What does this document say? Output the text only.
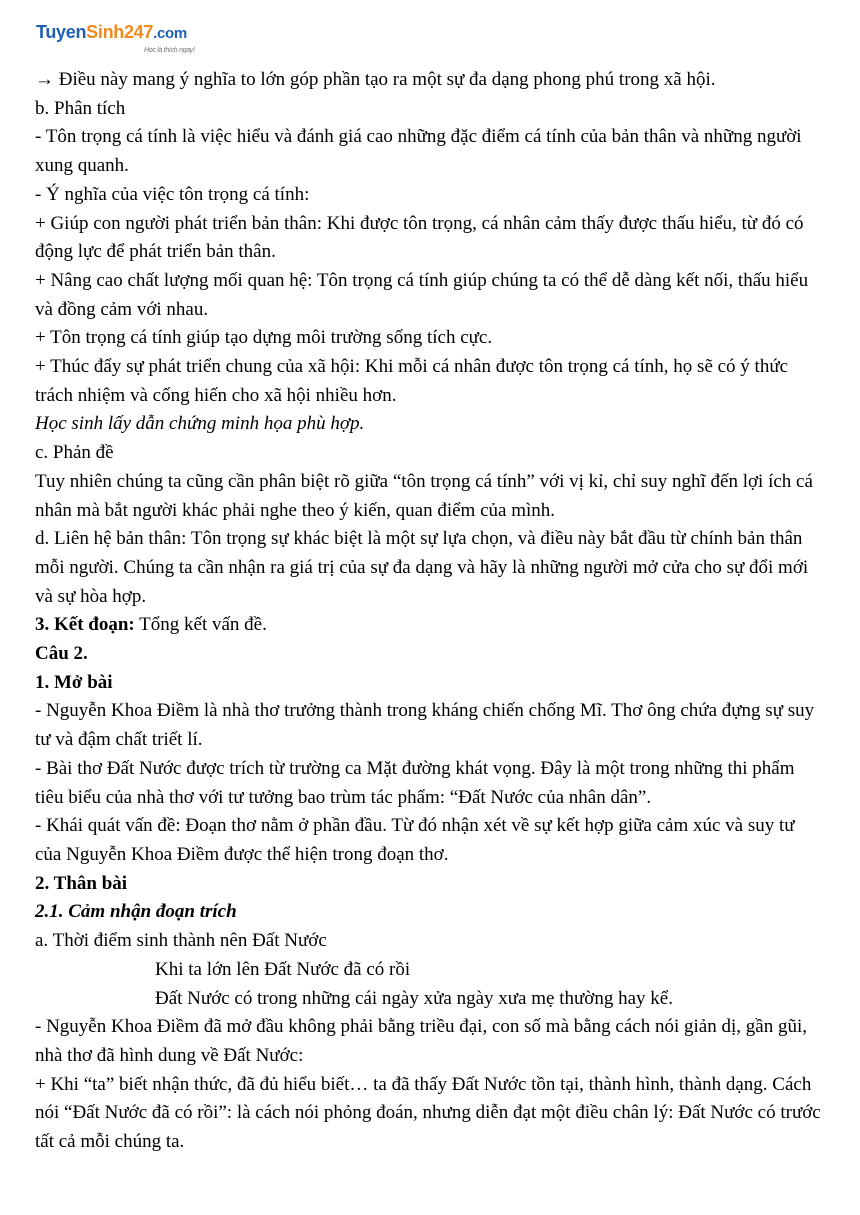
TuyenSinh247.com
Học là thích ngay!

→ Điều này mang ý nghĩa to lớn góp phần tạo ra một sự đa dạng phong phú trong xã hội.

b. Phân tích

- Tôn trọng cá tính là việc hiểu và đánh giá cao những đặc điểm cá tính của bản thân và những người xung quanh.

- Ý nghĩa của việc tôn trọng cá tính:

+ Giúp con người phát triển bản thân: Khi được tôn trọng, cá nhân cảm thấy được thấu hiểu, từ đó có động lực để phát triển bản thân.

+ Nâng cao chất lượng mối quan hệ: Tôn trọng cá tính giúp chúng ta có thể dễ dàng kết nối, thấu hiểu và đồng cảm với nhau.

+ Tôn trọng cá tính giúp tạo dựng môi trường sống tích cực.

+ Thúc đẩy sự phát triển chung của xã hội: Khi mỗi cá nhân được tôn trọng cá tính, họ sẽ có ý thức trách nhiệm và cống hiến cho xã hội nhiều hơn.

Học sinh lấy dẫn chứng minh họa phù hợp.

c. Phản đề

Tuy nhiên chúng ta cũng cần phân biệt rõ giữa “tôn trọng cá tính” với vị kỉ, chỉ suy nghĩ đến lợi ích cá nhân mà bắt người khác phải nghe theo ý kiến, quan điểm của mình.

d. Liên hệ bản thân: Tôn trọng sự khác biệt là một sự lựa chọn, và điều này bắt đầu từ chính bản thân mỗi người. Chúng ta cần nhận ra giá trị của sự đa dạng và hãy là những người mở cửa cho sự đổi mới và sự hòa hợp.

3. Kết đoạn: Tổng kết vấn đề.

Câu 2.

1. Mở bài

- Nguyễn Khoa Điềm là nhà thơ trưởng thành trong kháng chiến chống Mĩ. Thơ ông chứa đựng sự suy tư và đậm chất triết lí.

- Bài thơ Đất Nước được trích từ trường ca Mặt đường khát vọng. Đây là một trong những thi phẩm tiêu biểu của nhà thơ với tư tưởng bao trùm tác phẩm: “Đất Nước của nhân dân”.

- Khái quát vấn đề: Đoạn thơ nằm ở phần đầu. Từ đó nhận xét về sự kết hợp giữa cảm xúc và suy tư của Nguyễn Khoa Điềm được thể hiện trong đoạn thơ.

2. Thân bài

2.1. Cảm nhận đoạn trích

a. Thời điểm sinh thành nên Đất Nước

Khi ta lớn lên Đất Nước đã có rồi

Đất Nước có trong những cái ngày xửa ngày xưa mẹ thường hay kể.

- Nguyễn Khoa Điềm đã mở đầu không phải bằng triều đại, con số mà bằng cách nói giản dị, gần gũi, nhà thơ đã hình dung về Đất Nước:

+ Khi “ta” biết nhận thức, đã đủ hiểu biết… ta đã thấy Đất Nước tồn tại, thành hình, thành dạng. Cách nói “Đất Nước đã có rồi”: là cách nói phỏng đoán, nhưng diễn đạt một điều chân lý: Đất Nước có trước tất cả mỗi chúng ta.
